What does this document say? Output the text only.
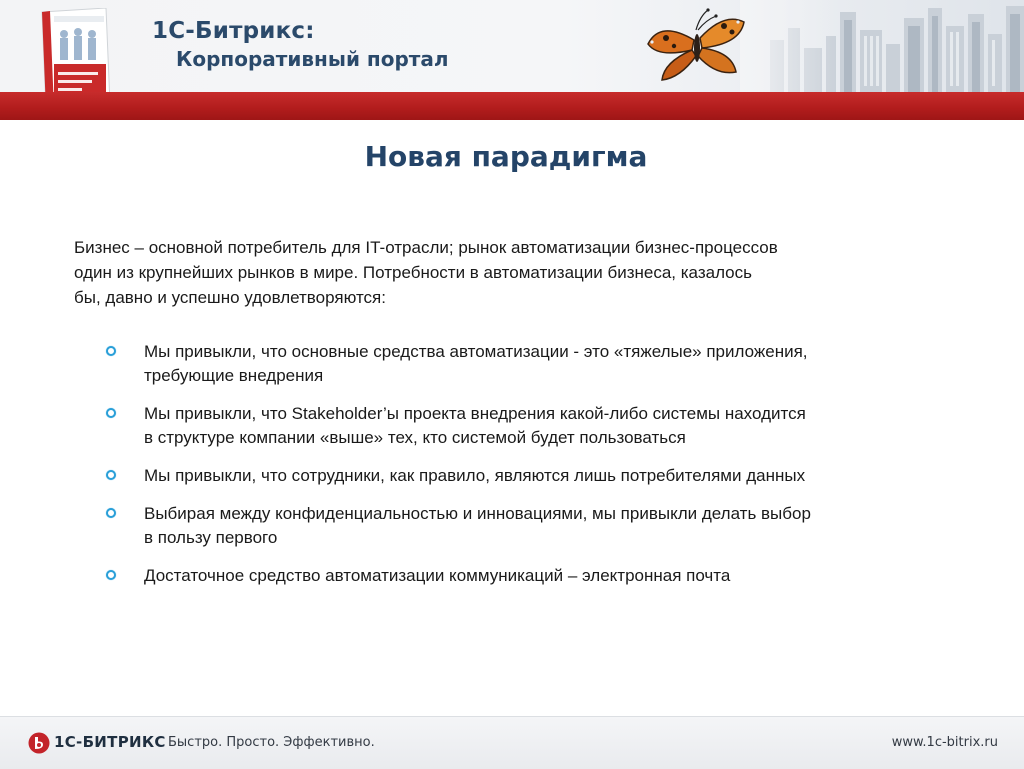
1С-Битрикс:
Корпоративный портал
Новая парадигма

Бизнес – основной потребитель для IT-отрасли; рынок автоматизации бизнес-процессов
один из крупнейших рынков в мире. Потребности в автоматизации бизнеса, казалось
бы, давно и успешно удовлетворяются:

Мы привыкли, что основные средства автоматизации - это «тяжелые» приложения,
требующие внедрения
Мы привыкли, что Stakeholder’ы проекта внедрения какой-либо системы находится
в структуре компании «выше» тех, кто системой будет пользоваться
Мы привыкли, что сотрудники, как правило, являются лишь потребителями данных
Выбирая между конфиденциальностью и инновациями, мы привыкли делать выбор
в пользу первого
Достаточное средство автоматизации коммуникаций – электронная почта

1С-БИТРИКС Быстро. Просто. Эффективно.	www.1c-bitrix.ru
